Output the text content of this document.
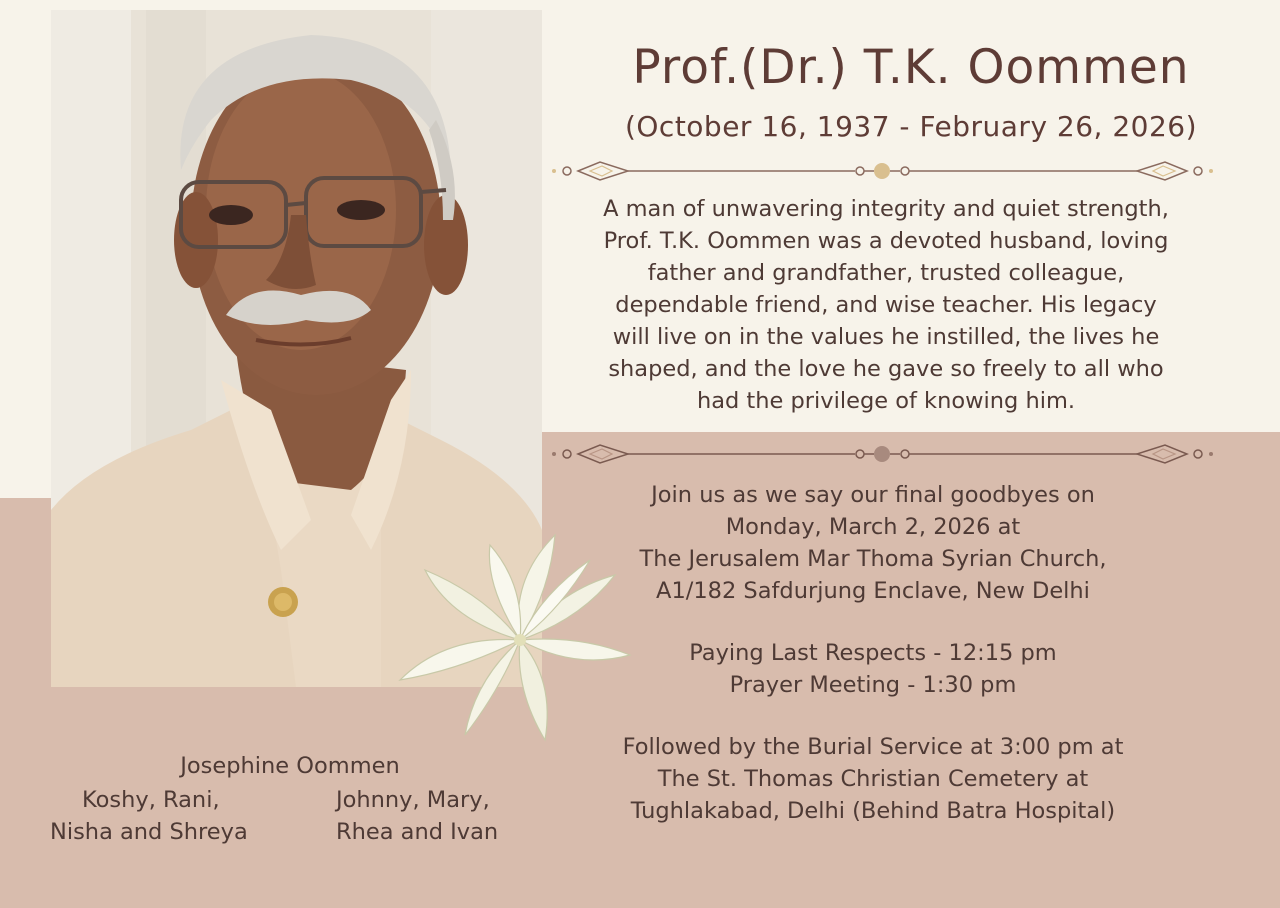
Prof.(Dr.) T.K. Oommen
(October 16, 1937 - February 26, 2026)
A man of unwavering integrity and quiet strength,
Prof. T.K. Oommen was a devoted husband, loving
father and grandfather, trusted colleague,
dependable friend, and wise teacher. His legacy
will live on in the values he instilled, the lives he
shaped, and the love he gave so freely to all who
had the privilege of knowing him.
Join us as we say our final goodbyes on
Monday, March 2, 2026 at
The Jerusalem Mar Thoma Syrian Church,
A1/182 Safdurjung Enclave, New Delhi
Paying Last Respects - 12:15 pm
Prayer Meeting - 1:30 pm
Followed by the Burial Service at 3:00 pm at
The St. Thomas Christian Cemetery at
Tughlakabad, Delhi (Behind Batra Hospital)
Josephine Oommen
Koshy, Rani,
Nisha and Shreya
Johnny, Mary,
Rhea and Ivan
